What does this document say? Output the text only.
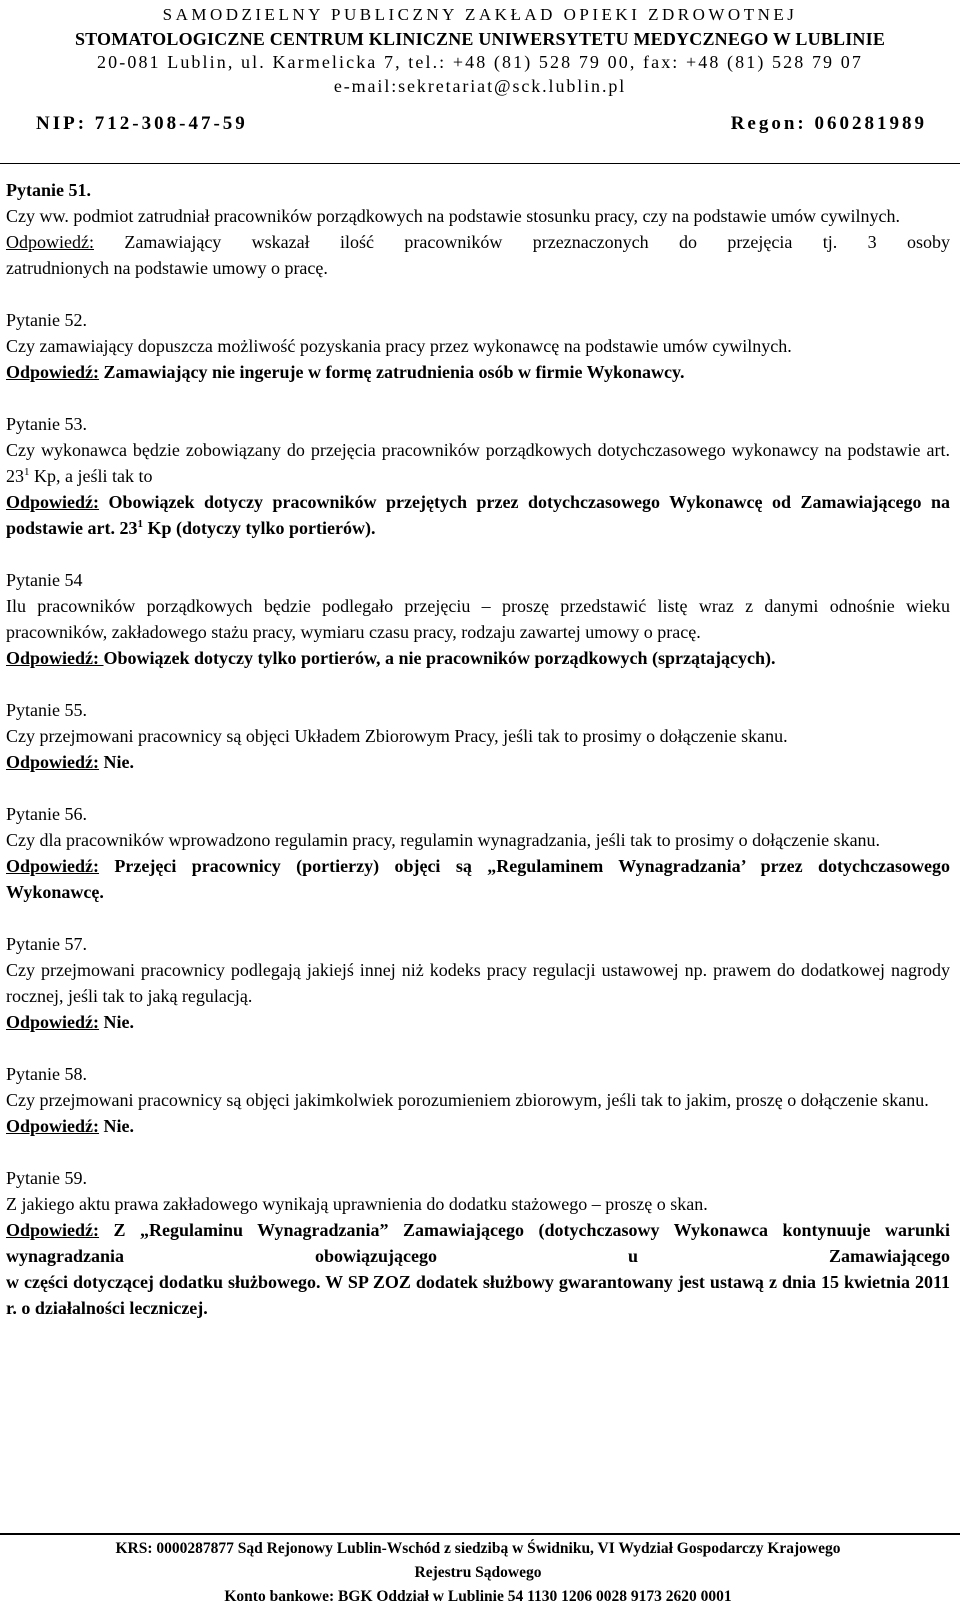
SAMODZIELNY PUBLICZNY ZAKŁAD OPIEKI ZDROWOTNEJ
STOMATOLOGICZNE CENTRUM KLINICZNE UNIWERSYTETU MEDYCZNEGO W LUBLINIE
20-081 Lublin, ul. Karmelicka 7, tel.: +48 (81) 528 79 00, fax: +48 (81) 528 79 07
e-mail:sekretariat@sck.lublin.pl
NIP: 712-308-47-59	Regon: 060281989
Pytanie 51.
Czy ww. podmiot zatrudniał pracowników porządkowych na podstawie stosunku pracy, czy na podstawie umów cywilnych.
Odpowiedź: Zamawiający wskazał ilość pracowników przeznaczonych do przejęcia tj. 3 osoby
zatrudnionych na podstawie umowy o pracę.
Pytanie 52.
Czy zamawiający dopuszcza możliwość pozyskania pracy przez wykonawcę na podstawie umów cywilnych.
Odpowiedź: Zamawiający nie ingeruje w formę zatrudnienia osób w firmie Wykonawcy.
Pytanie 53.
Czy wykonawca będzie zobowiązany do przejęcia pracowników porządkowych dotychczasowego wykonawcy na podstawie art. $23^1$ Kp, a jeśli tak to
Odpowiedź: Obowiązek dotyczy pracowników przejętych przez dotychczasowego Wykonawcę od Zamawiającego na podstawie art. $23^1$ Kp (dotyczy tylko portierów).
Pytanie 54
Ilu pracowników porządkowych będzie podlegało przejęciu – proszę przedstawić listę wraz z danymi odnośnie wieku pracowników, zakładowego stażu pracy, wymiaru czasu pracy, rodzaju zawartej umowy o pracę.
Odpowiedź: Obowiązek dotyczy tylko portierów, a nie pracowników porządkowych (sprzątających).
Pytanie 55.
Czy przejmowani pracownicy są objęci Układem Zbiorowym Pracy, jeśli tak to prosimy o dołączenie skanu.
Odpowiedź: Nie.
Pytanie 56.
Czy dla pracowników wprowadzono regulamin pracy, regulamin wynagradzania, jeśli tak to prosimy o dołączenie skanu.
Odpowiedź: Przejęci pracownicy (portierzy) objęci są „Regulaminem Wynagradzania’ przez dotychczasowego Wykonawcę.
Pytanie 57.
Czy przejmowani pracownicy podlegają jakiejś innej niż kodeks pracy regulacji ustawowej np. prawem do dodatkowej nagrody rocznej, jeśli tak to jaką regulacją.
Odpowiedź: Nie.
Pytanie 58.
Czy przejmowani pracownicy są objęci jakimkolwiek porozumieniem zbiorowym, jeśli tak to jakim, proszę o dołączenie skanu.
Odpowiedź: Nie.
Pytanie 59.
Z jakiego aktu prawa zakładowego wynikają uprawnienia do dodatku stażowego – proszę o skan.
Odpowiedź: Z „Regulaminu Wynagradzania” Zamawiającego (dotychczasowy Wykonawca kontynuuje warunki wynagradzania obowiązującego u Zamawiającego
w części dotyczącej dodatku służbowego. W SP ZOZ dodatek służbowy gwarantowany jest ustawą z dnia 15 kwietnia 2011 r. o działalności leczniczej.
KRS: 0000287877 Sąd Rejonowy Lublin-Wschód z siedzibą w Świdniku, VI Wydział Gospodarczy Krajowego
Rejestru Sądowego
Konto bankowe: BGK Oddział w Lublinie 54 1130 1206 0028 9173 2620 0001
